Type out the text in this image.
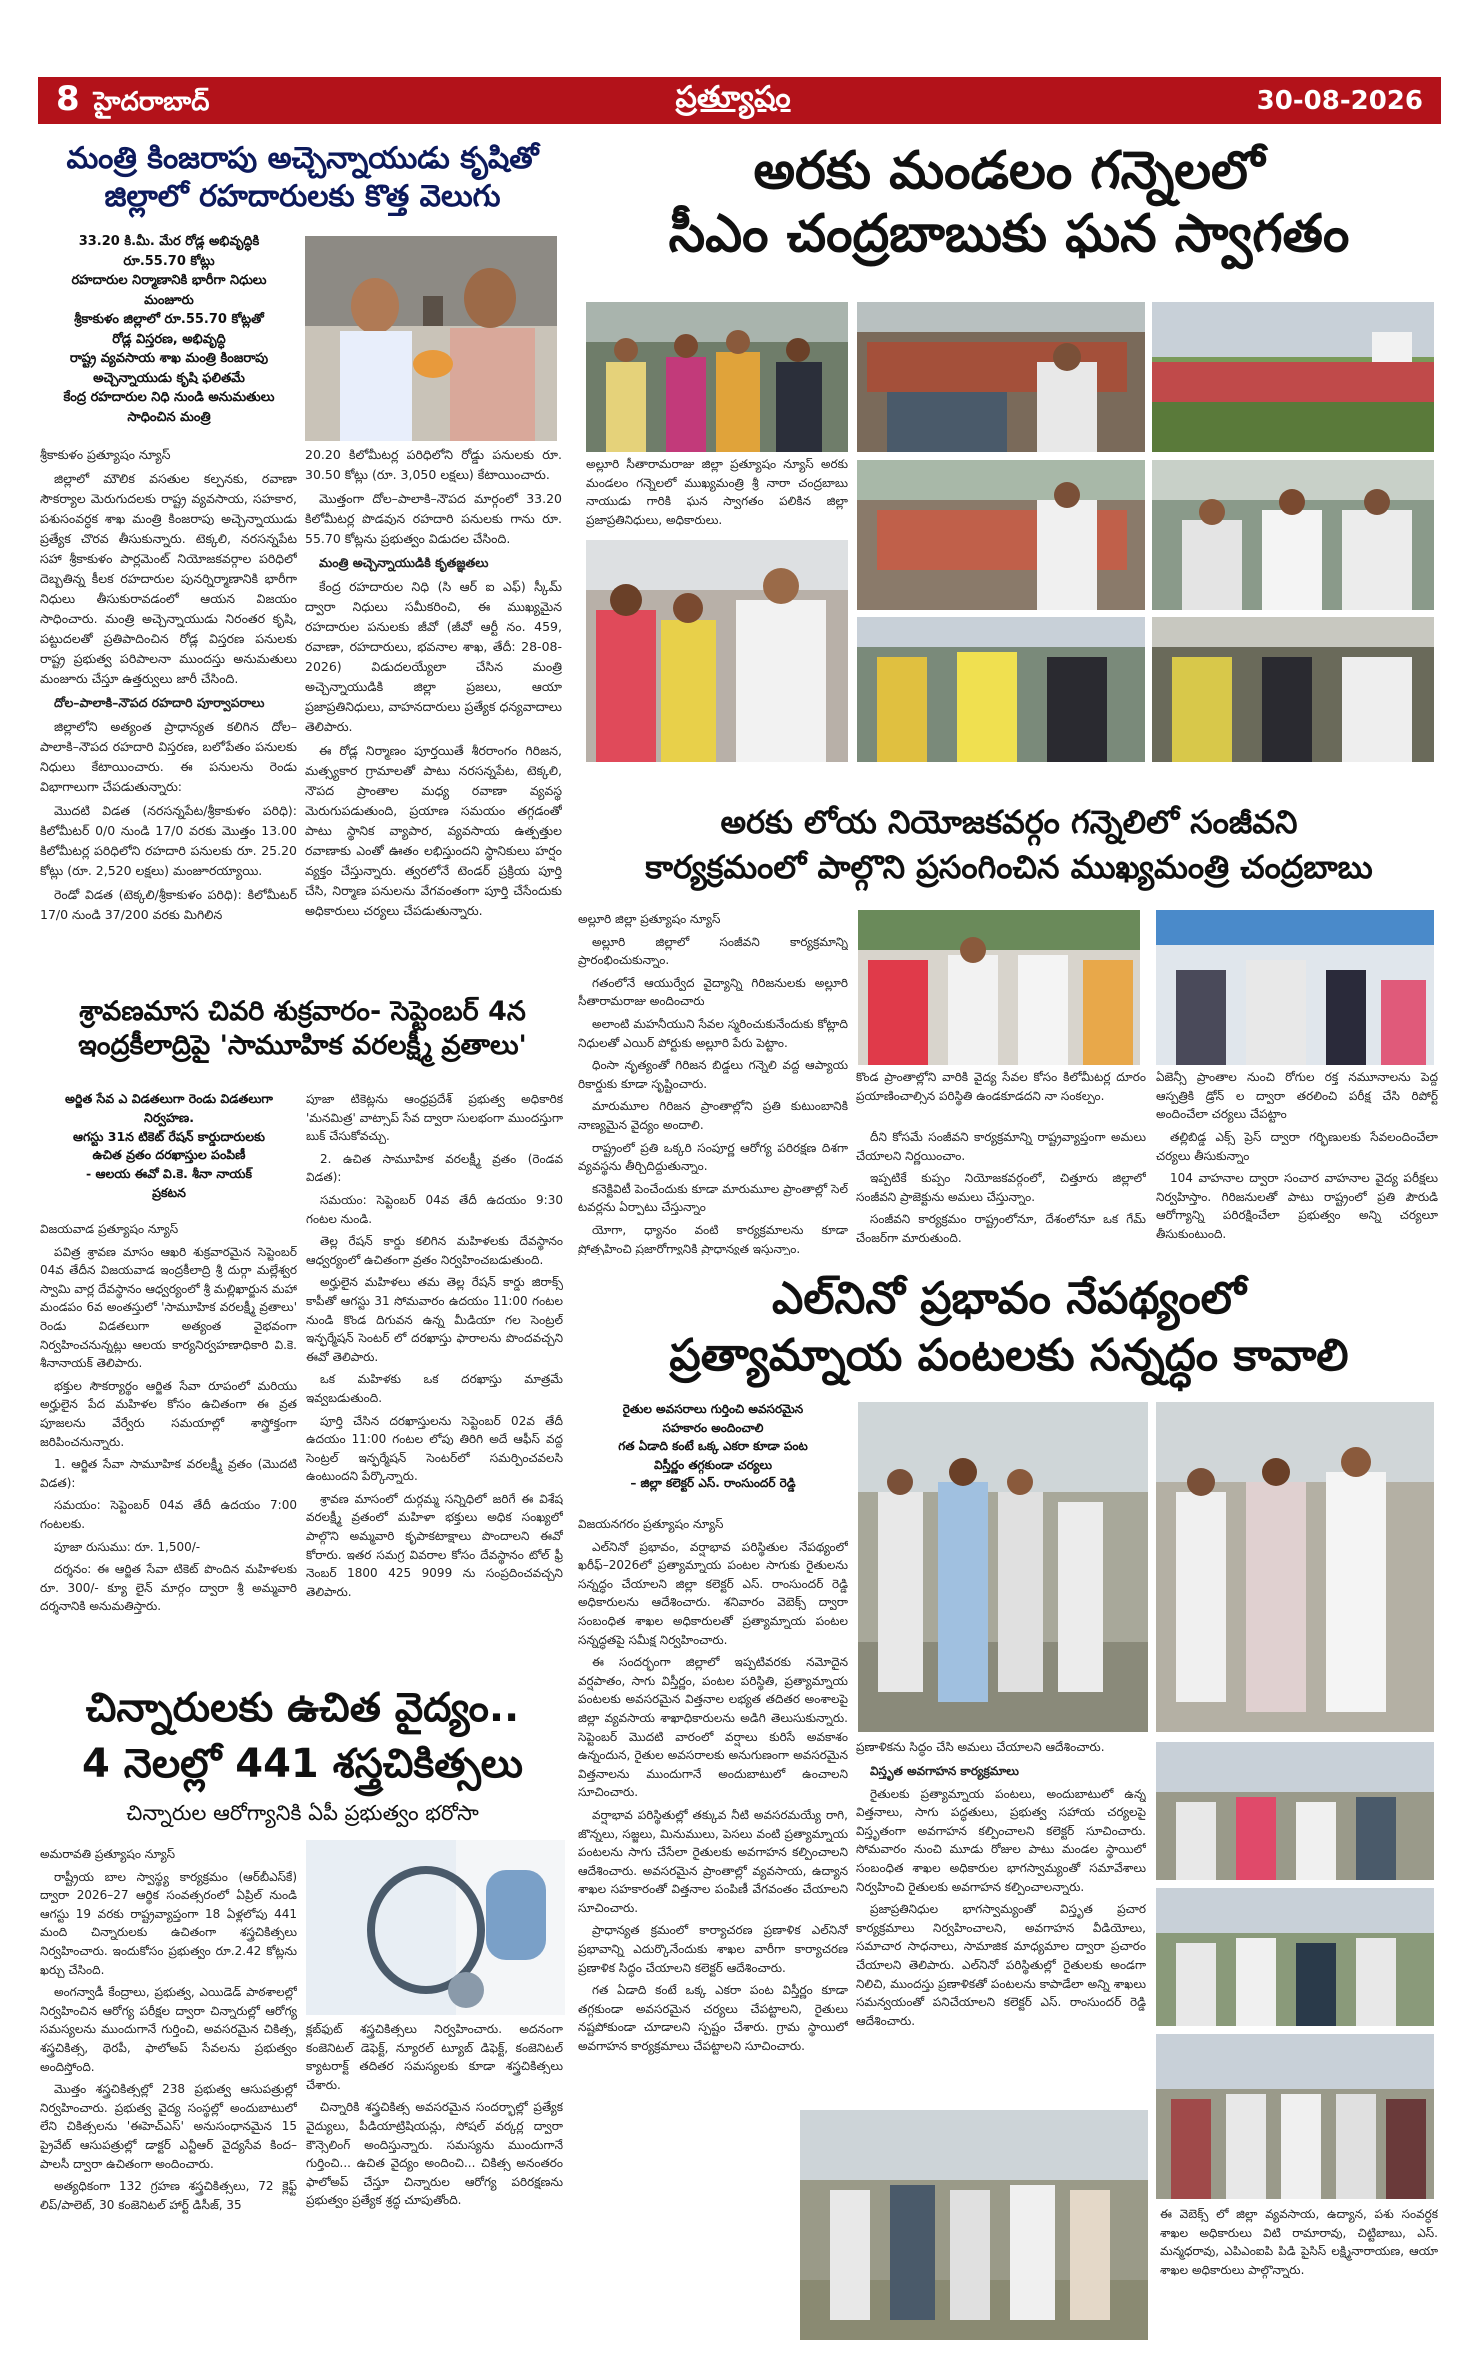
8 హైదరాబాద్	ప్రత్యూషం	30-08-2026
మంత్రి కింజరాపు అచ్చెన్నాయుడు కృషితో
జిల్లాలో రహదారులకు కొత్త వెలుగు
33.20 కి.మీ. మేర రోడ్ల అభివృద్ధికి
రూ.55.70 కోట్లు
రహదారుల నిర్మాణానికి భారీగా నిధులు
మంజూరు
శ్రీకాకుళం జిల్లాలో రూ.55.70 కోట్లతో
రోడ్ల విస్తరణ, అభివృద్ధి
రాష్ట్ర వ్యవసాయ శాఖ మంత్రి కింజరాపు
అచ్చెన్నాయుడు కృషి ఫలితమే
కేంద్ర రహదారుల నిధి నుండి అనుమతులు
సాధించిన మంత్రి

శ్రీకాకుళం ప్రత్యూషం న్యూస్

జిల్లాలో మౌలిక వసతుల కల్పనకు, రవాణా సౌకర్యాల మెరుగుదలకు రాష్ట్ర వ్యవసాయ, సహకార, పశుసంవర్ధక శాఖ మంత్రి కింజరాపు అచ్చెన్నాయుడు ప్రత్యేక చొరవ తీసుకున్నారు. టెక్కలి, నరసన్నపేట సహా శ్రీకాకుళం పార్లమెంట్ నియోజకవర్గాల పరిధిలో దెబ్బతిన్న కీలక రహదారుల పునర్నిర్మాణానికి భారీగా నిధులు తీసుకురావడంలో ఆయన విజయం సాధించారు. మంత్రి అచ్చెన్నాయుడు నిరంతర కృషి, పట్టుదలతో ప్రతిపాదించిన రోడ్ల విస్తరణ పనులకు రాష్ట్ర ప్రభుత్వ పరిపాలనా ముందస్తు అనుమతులు మంజూరు చేస్తూ ఉత్తర్వులు జారీ చేసింది.

దోల–పాలాకి–నౌపద రహదారి పూర్వాపరాలు

జిల్లాలోని అత్యంత ప్రాధాన్యత కలిగిన దోల–పాలాకి–నౌపద రహదారి విస్తరణ, బలోపేతం పనులకు నిధులు కేటాయించారు. ఈ పనులను రెండు విభాగాలుగా చేపడుతున్నారు:

మొదటి విడత (నరసన్నపేట/శ్రీకాకుళం పరిధి): కిలోమీటర్ 0/0 నుండి 17/0 వరకు మొత్తం 13.00 కిలోమీటర్ల పరిధిలోని రహదారి పనులకు రూ. 25.20 కోట్లు (రూ. 2,520 లక్షలు) మంజూరయ్యాయి.

రెండో విడత (టెక్కలి/శ్రీకాకుళం పరిధి): కిలోమీటర్ 17/0 నుండి 37/200 వరకు మిగిలిన

20.20 కిలోమీటర్ల పరిధిలోని రోడ్డు పనులకు రూ. 30.50 కోట్లు (రూ. 3,050 లక్షలు) కేటాయించారు.

మొత్తంగా దోల–పాలాకి–నౌపద మార్గంలో 33.20 కిలోమీటర్ల పొడవున రహదారి పనులకు గాను రూ. 55.70 కోట్లను ప్రభుత్వం విడుదల చేసింది.

మంత్రి అచ్చెన్నాయుడికి కృతజ్ఞతలు

కేంద్ర రహదారుల నిధి (సి ఆర్ ఐ ఎఫ్) స్కీమ్ ద్వారా నిధులు సమీకరించి, ఈ ముఖ్యమైన రహదారుల పనులకు జీవో (జీవో ఆర్టీ నం. 459, రవాణా, రహదారులు, భవనాల శాఖ, తేదీ: 28-08-2026) విడుదలయ్యేలా చేసిన మంత్రి అచ్చెన్నాయుడికి జిల్లా ప్రజలు, ఆయా ప్రజాప్రతినిధులు, వాహనదారులు ప్రత్యేక ధన్యవాదాలు తెలిపారు.

ఈ రోడ్ల నిర్మాణం పూర్తయితే శీరరాంగం గిరిజన, మత్స్యకార గ్రామాలతో పాటు నరసన్నపేట, టెక్కలి, నౌపద ప్రాంతాల మధ్య రవాణా వ్యవస్థ మెరుగుపడుతుంది, ప్రయాణ సమయం తగ్గడంతో పాటు స్థానిక వ్యాపార, వ్యవసాయ ఉత్పత్తుల రవాణాకు ఎంతో ఊతం లభిస్తుందని స్థానికులు హర్షం వ్యక్తం చేస్తున్నారు. త్వరలోనే టెండర్ ప్రక్రియ పూర్తి చేసి, నిర్మాణ పనులను వేగవంతంగా పూర్తి చేసేందుకు అధికారులు చర్యలు చేపడుతున్నారు.

అరకు మండలం గన్నెలలో
సీఎం చంద్రబాబుకు ఘన స్వాగతం
అల్లూరి సీతారామరాజు జిల్లా ప్రత్యూషం న్యూస్ అరకు మండలం గన్నెలలో ముఖ్యమంత్రి శ్రీ నారా చంద్రబాబు నాయుడు గారికి ఘన స్వాగతం పలికిన జిల్లా ప్రజాప్రతినిధులు, అధికారులు.
అరకు లోయ నియోజకవర్గం గన్నెలిలో సంజీవని
కార్యక్రమంలో పాల్గొని ప్రసంగించిన ముఖ్యమంత్రి చంద్రబాబు

అల్లూరి జిల్లా ప్రత్యూషం న్యూస్

అల్లూరి జిల్లాలో సంజీవని కార్యక్రమాన్ని ప్రారంభించుకున్నాం.

గతంలోనే ఆయుర్వేద వైద్యాన్ని గిరిజనులకు అల్లూరి సీతారామరాజు అందించారు

అలాంటి మహనీయుని సేవల స్మరించుకునేందుకు కోట్లాది నిధులతో ఎయిర్ పోర్టుకు అల్లూరి పేరు పెట్టాం.

ధింసా నృత్యంతో గిరిజన బిడ్డలు గన్నెలి వద్ద ఆప్యాయ రికార్డుకు కూడా సృష్టించారు.

మారుమూల గిరిజన ప్రాంతాల్లోని ప్రతి కుటుంబానికి నాణ్యమైన వైద్యం అందాలి.

రాష్ట్రంలో ప్రతి ఒక్కరి సంపూర్ణ ఆరోగ్య పరిరక్షణ దిశగా వ్యవస్థను తీర్చిదిద్దుతున్నాం.

కనెక్టివిటీ పెంచేందుకు కూడా మారుమూల ప్రాంతాల్లో సెల్ టవర్లను ఏర్పాటు చేస్తున్నాం

యోగా, ధ్యానం వంటి కార్యక్రమాలను కూడా ప్రోత్సహించి ప్రజారోగ్యానికి ప్రాధాన్యత ఇస్తున్నాం.

కొండ ప్రాంతాల్లోని వారికి వైద్య సేవల కోసం కిలోమీటర్ల దూరం ప్రయాణించాల్సిన పరిస్థితి ఉండకూడదని నా సంకల్పం.

దీని కోసమే సంజీవని కార్యక్రమాన్ని రాష్ట్రవ్యాప్తంగా అమలు చేయాలని నిర్ణయించాం.

ఇప్పటికే కుప్పం నియోజకవర్గంలో, చిత్తూరు జిల్లాలో సంజీవని ప్రాజెక్టును అమలు చేస్తున్నాం.

సంజీవని కార్యక్రమం రాష్ట్రంలోనూ, దేశంలోనూ ఒక గేమ్ చేంజర్‌గా మారుతుంది.

ఏజెన్సీ ప్రాంతాల నుంచి రోగుల రక్త నమూనాలను పెద్ద ఆస్పత్రికి డ్రోన్ ల ద్వారా తరలించి పరీక్ష చేసి రిపోర్ట్ అందించేలా చర్యలు చేపట్టాం

తల్లిబిడ్డ ఎక్స్ ప్రెస్ ద్వారా గర్భిణులకు సేవలందించేలా చర్యలు తీసుకున్నాం

104 వాహనాల ద్వారా సంచార వాహనాల వైద్య పరీక్షలు నిర్వహిస్తాం. గిరిజనులతో పాటు రాష్ట్రంలో ప్రతి పౌరుడి ఆరోగ్యాన్ని పరిరక్షించేలా ప్రభుత్వం అన్ని చర్యలూ తీసుకుంటుంది.

శ్రావణమాస చివరి శుక్రవారం- సెప్టెంబర్ 4న
ఇంద్రకీలాద్రిపై 'సామూహిక వరలక్ష్మీ వ్రతాలు'
అర్జిత సేవ ఎ విడతలుగా రెండు విడతలుగా
నిర్వహణ.
ఆగస్టు 31న టికెట్ రేషన్ కార్డుదారులకు
ఉచిత వ్రతం దరఖాస్తుల పంపిణీ
- ఆలయ ఈవో వి.కె. శీనా నాయక్
ప్రకటన

విజయవాడ ప్రత్యూషం న్యూస్

పవిత్ర శ్రావణ మాసం ఆఖరి శుక్రవారమైన సెప్టెంబర్ 04వ తేదీన విజయవాడ ఇంద్రకీలాద్రి శ్రీ దుర్గా మల్లేశ్వర స్వామి వార్ల దేవస్థానం ఆధ్వర్యంలో శ్రీ మల్లిఖార్జున మహా మండపం 6వ అంతస్తులో 'సామూహిక వరలక్ష్మీ వ్రతాలు' రెండు విడతలుగా అత్యంత వైభవంగా నిర్వహించనున్నట్లు ఆలయ కార్యనిర్వహణాధికారి వి.కె. శీనానాయక్ తెలిపారు.

భక్తుల సౌకర్యార్థం ఆర్జిత సేవా రూపంలో మరియు అర్హులైన పేద మహిళల కోసం ఉచితంగా ఈ వ్రత పూజలను వేర్వేరు సమయాల్లో శాస్త్రోక్తంగా జరిపించనున్నారు.

1. ఆర్జిత సేవా సామూహిక వరలక్ష్మీ వ్రతం (మొదటి విడత):

సమయం: సెప్టెంబర్ 04వ తేదీ ఉదయం 7:00 గంటలకు.

పూజా రుసుము: రూ. 1,500/-

దర్శనం: ఈ ఆర్జిత సేవా టికెట్ పొందిన మహిళలకు రూ. 300/- క్యూ లైన్ మార్గం ద్వారా శ్రీ అమ్మవారి దర్శనానికి అనుమతిస్తారు.

పూజా టికెట్లను ఆంధ్రప్రదేశ్ ప్రభుత్వ అధికారిక 'మనమిత్ర' వాట్సాప్ సేవ ద్వారా సులభంగా ముందస్తుగా బుక్ చేసుకోవచ్చు.

2. ఉచిత సామూహిక వరలక్ష్మీ వ్రతం (రెండవ విడత):

సమయం: సెప్టెంబర్ 04వ తేదీ ఉదయం 9:30 గంటల నుండి.

తెల్ల రేషన్ కార్డు కలిగిన మహిళలకు దేవస్థానం ఆధ్వర్యంలో ఉచితంగా వ్రతం నిర్వహించబడుతుంది.

అర్హులైన మహిళలు తమ తెల్ల రేషన్ కార్డు జిరాక్స్ కాపీతో ఆగస్టు 31 సోమవారం ఉదయం 11:00 గంటల నుండి కొండ దిగువన ఉన్న మీడియా గల సెంట్రల్ ఇన్ఫర్మేషన్ సెంటర్ లో దరఖాస్తు ఫారాలను పొందవచ్చని ఈవో తెలిపారు.

ఒక మహిళకు ఒక దరఖాస్తు మాత్రమే ఇవ్వబడుతుంది.

పూర్తి చేసిన దరఖాస్తులను సెప్టెంబర్ 02వ తేదీ ఉదయం 11:00 గంటల లోపు తిరిగి అదే ఆఫీస్ వద్ద సెంట్రల్ ఇన్ఫర్మేషన్ సెంటర్‌లో సమర్పించవలసి ఉంటుందని పేర్కొన్నారు.

శ్రావణ మాసంలో దుర్గమ్మ సన్నిధిలో జరిగే ఈ విశేష వరలక్ష్మీ వ్రతంలో మహిళా భక్తులు అధిక సంఖ్యలో పాల్గొని అమ్మవారి కృపాకటాక్షాలు పొందాలని ఈవో కోరారు. ఇతర సమగ్ర వివరాల కోసం దేవస్థానం టోల్ ఫ్రీ నెంబర్ 1800 425 9099 ను సంప్రదించవచ్చని తెలిపారు.

చిన్నారులకు ఉచిత వైద్యం..
4 నెలల్లో 441 శస్త్రచికిత్సలు
చిన్నారుల ఆరోగ్యానికి ఏపీ ప్రభుత్వం భరోసా

అమరావతి ప్రత్యూషం న్యూస్

రాష్ట్రీయ బాల స్వాస్థ్య కార్యక్రమం (ఆర్‌బీఎస్‌కే) ద్వారా 2026–27 ఆర్థిక సంవత్సరంలో ఏప్రిల్ నుండి ఆగస్టు 19 వరకు రాష్ట్రవ్యాప్తంగా 18 ఏళ్లలోపు 441 మంది చిన్నారులకు ఉచితంగా శస్త్రచికిత్సలు నిర్వహించారు. ఇందుకోసం ప్రభుత్వం రూ.2.42 కోట్లను ఖర్చు చేసింది.

అంగన్వాడీ కేంద్రాలు, ప్రభుత్వ, ఎయిడెడ్ పాఠశాలల్లో నిర్వహించిన ఆరోగ్య పరీక్షల ద్వారా చిన్నారుల్లో ఆరోగ్య సమస్యలను ముందుగానే గుర్తించి, అవసరమైన చికిత్స, శస్త్రచికిత్స, థెరపీ, ఫాలోఅప్ సేవలను ప్రభుత్వం అందిస్తోంది.

మొత్తం శస్త్రచికిత్సల్లో 238 ప్రభుత్వ ఆసుపత్రుల్లో నిర్వహించారు. ప్రభుత్వ వైద్య సంస్థల్లో అందుబాటులో లేని చికిత్సలను 'ఈహెచ్ఎస్' అనుసంధానమైన 15 ప్రైవేట్ ఆసుపత్రుల్లో డాక్టర్ ఎన్టీఆర్ వైద్యసేవ కింద–పాలసీ ద్వారా ఉచితంగా అందించారు.

అత్యధికంగా 132 గ్రహణ శస్త్రచికిత్సలు, 72 క్లెఫ్ట్ లిప్/పాలెట్, 30 కంజెనిటల్ హార్ట్ డిసీజ్, 35

క్లబ్‌ఫుట్ శస్త్రచికిత్సలు నిర్వహించారు. అదనంగా కంజెనిటల్ డెఫెక్ట్, న్యూరల్ ట్యూబ్ డిఫెక్ట్, కంజెనిటల్ క్యాటరాక్ట్ తదితర సమస్యలకు కూడా శస్త్రచికిత్సలు చేశారు.

చిన్నారికి శస్త్రచికిత్స అవసరమైన సందర్భాల్లో ప్రత్యేక వైద్యులు, పీడియాట్రిషియన్లు, సోషల్ వర్కర్ల ద్వారా కౌన్సెలింగ్ అందిస్తున్నారు. సమస్యను ముందుగానే గుర్తించి... ఉచిత వైద్యం అందించి... చికిత్స అనంతరం ఫాలోఅప్ చేస్తూ చిన్నారుల ఆరోగ్య పరిరక్షణను ప్రభుత్వం ప్రత్యేక శ్రద్ధ చూపుతోంది.

ఎల్‌నినో ప్రభావం నేపథ్యంలో
ప్రత్యామ్నాయ పంటలకు సన్నద్ధం కావాలి
రైతుల అవసరాలు గుర్తించి అవసరమైన
సహకారం అందించాలి
గత ఏడాది కంటే ఒక్క ఎకరా కూడా పంట
విస్తీర్ణం తగ్గకుండా చర్యలు
– జిల్లా కలెక్టర్ ఎస్. రాంసుందర్ రెడ్డి

విజయనగరం ప్రత్యూషం న్యూస్

ఎల్‌నినో ప్రభావం, వర్షాభావ పరిస్థితుల నేపథ్యంలో ఖరీఫ్–2026లో ప్రత్యామ్నాయ పంటల సాగుకు రైతులను సన్నద్ధం చేయాలని జిల్లా కలెక్టర్ ఎస్. రాంసుందర్ రెడ్డి అధికారులను ఆదేశించారు. శనివారం వెబెక్స్ ద్వారా సంబంధిత శాఖల అధికారులతో ప్రత్యామ్నాయ పంటల సన్నద్ధతపై సమీక్ష నిర్వహించారు.

ఈ సందర్భంగా జిల్లాలో ఇప్పటివరకు నమోదైన వర్షపాతం, సాగు విస్తీర్ణం, పంటల పరిస్థితి, ప్రత్యామ్నాయ పంటలకు అవసరమైన విత్తనాల లభ్యత తదితర అంశాలపై జిల్లా వ్యవసాయ శాఖాధికారులను అడిగి తెలుసుకున్నారు. సెప్టెంబర్ మొదటి వారంలో వర్షాలు కురిసే అవకాశం ఉన్నందున, రైతుల అవసరాలకు అనుగుణంగా అవసరమైన విత్తనాలను ముందుగానే అందుబాటులో ఉంచాలని సూచించారు.

వర్షాభావ పరిస్థితుల్లో తక్కువ నీటి అవసరమయ్యే రాగి, జొన్నలు, సజ్జలు, మినుములు, పెసలు వంటి ప్రత్యామ్నాయ పంటలను సాగు చేసేలా రైతులకు అవగాహన కల్పించాలని ఆదేశించారు. అవసరమైన ప్రాంతాల్లో వ్యవసాయ, ఉద్యాన శాఖల సహకారంతో విత్తనాల పంపిణీ వేగవంతం చేయాలని సూచించారు.

ప్రాధాన్యత క్రమంలో కార్యాచరణ ప్రణాళిక ఎల్‌నినో ప్రభావాన్ని ఎదుర్కొనేందుకు శాఖల వారీగా కార్యాచరణ ప్రణాళిక సిద్ధం చేయాలని కలెక్టర్ ఆదేశించారు.

గత ఏడాది కంటే ఒక్క ఎకరా పంట విస్తీర్ణం కూడా తగ్గకుండా అవసరమైన చర్యలు చేపట్టాలని, రైతులు నష్టపోకుండా చూడాలని స్పష్టం చేశారు. గ్రామ స్థాయిలో అవగాహన కార్యక్రమాలు చేపట్టాలని సూచించారు.

ప్రణాళికను సిద్ధం చేసి అమలు చేయాలని ఆదేశించారు.

విస్తృత అవగాహన కార్యక్రమాలు

రైతులకు ప్రత్యామ్నాయ పంటలు, అందుబాటులో ఉన్న విత్తనాలు, సాగు పద్ధతులు, ప్రభుత్వ సహాయ చర్యలపై విస్తృతంగా అవగాహన కల్పించాలని కలెక్టర్ సూచించారు. సోమవారం నుంచి మూడు రోజుల పాటు మండల స్థాయిలో సంబంధిత శాఖల అధికారుల భాగస్వామ్యంతో సమావేశాలు నిర్వహించి రైతులకు అవగాహన కల్పించాలన్నారు.

ప్రజాప్రతినిధుల భాగస్వామ్యంతో విస్తృత ప్రచార కార్యక్రమాలు నిర్వహించాలని, అవగాహన వీడియోలు, సమాచార సాధనాలు, సామాజిక మాధ్యమాల ద్వారా ప్రచారం చేయాలని తెలిపారు. ఎల్‌నినో పరిస్థితుల్లో రైతులకు అండగా నిలిచి, ముందస్తు ప్రణాళికతో పంటలను కాపాడేలా అన్ని శాఖలు సమన్వయంతో పనిచేయాలని కలెక్టర్ ఎస్. రాంసుందర్ రెడ్డి ఆదేశించారు.

ఈ వెబెక్స్ లో జిల్లా వ్యవసాయ, ఉద్యాన, పశు సంవర్ధక శాఖల అధికారులు విటి రామారావు, చిట్టిబాబు, ఎస్. మన్మధరావు, ఎపిఎంఐపి పిడి పైసిస్ లక్ష్మినారాయణ, ఆయా శాఖల అధికారులు పాల్గొన్నారు.
